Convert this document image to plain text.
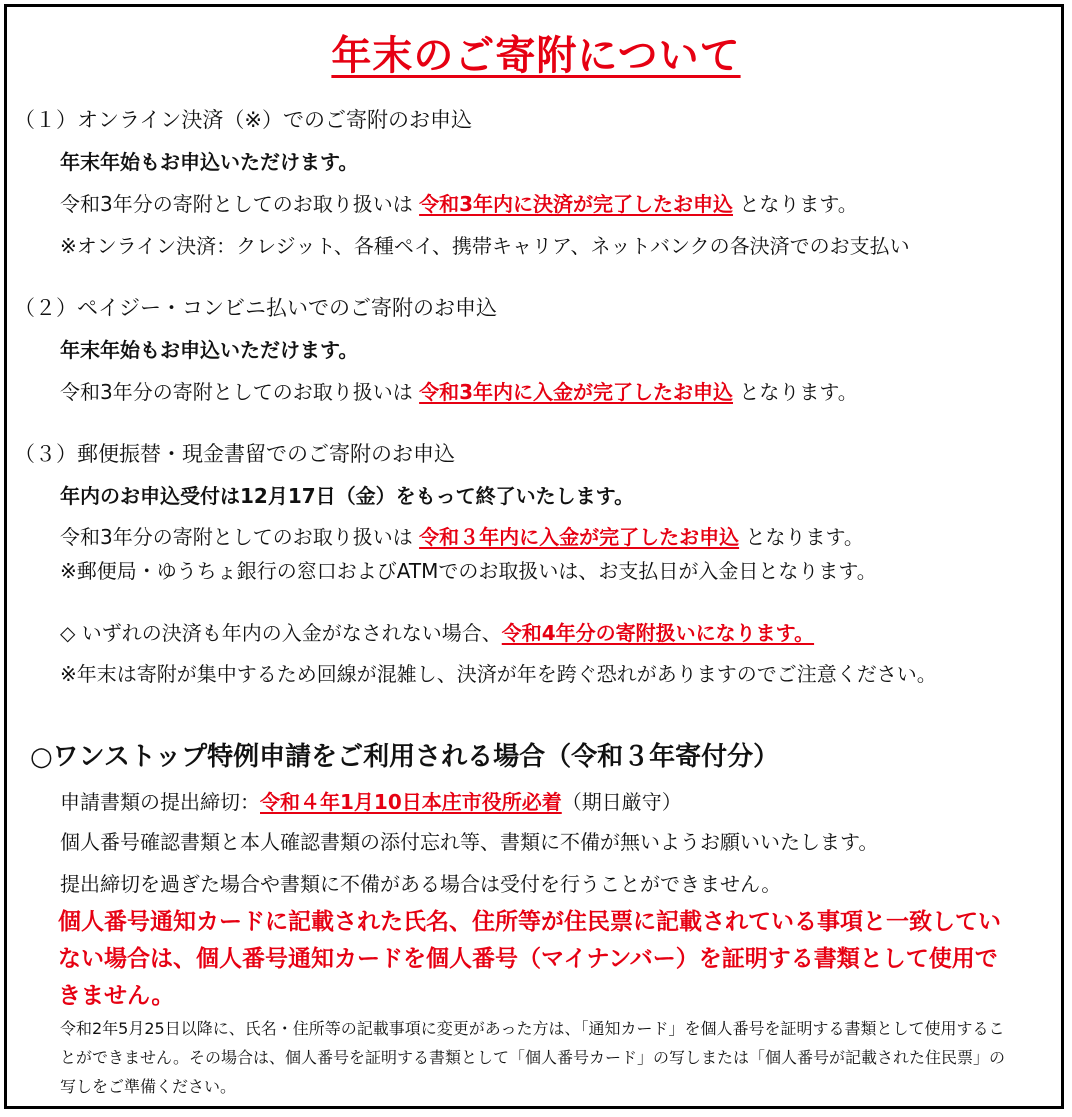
年末のご寄附について
（１）オンライン決済（※）でのご寄附のお申込
年末年始もお申込いただけます。
令和3年分の寄附としてのお取り扱いは 令和3年内に決済が完了したお申込 となります。
※オンライン決済：クレジット、各種ペイ、携帯キャリア、ネットバンクの各決済でのお支払い
（２）ペイジー・コンビニ払いでのご寄附のお申込
年末年始もお申込いただけます。
令和3年分の寄附としてのお取り扱いは 令和3年内に入金が完了したお申込 となります。
（３）郵便振替・現金書留でのご寄附のお申込
年内のお申込受付は12月17日（金）をもって終了いたします。
令和3年分の寄附としてのお取り扱いは 令和３年内に入金が完了したお申込 となります。
※郵便局・ゆうちょ銀行の窓口およびATMでのお取扱いは、お支払日が入金日となります。
◇ いずれの決済も年内の入金がなされない場合、令和4年分の寄附扱いになります。
※年末は寄附が集中するため回線が混雑し、決済が年を跨ぐ恐れがありますのでご注意ください。
○ワンストップ特例申請をご利用される場合（令和３年寄付分）
申請書類の提出締切：令和４年1月10日本庄市役所必着（期日厳守）
個人番号確認書類と本人確認書類の添付忘れ等、書類に不備が無いようお願いいたします。
提出締切を過ぎた場合や書類に不備がある場合は受付を行うことができません。
個人番号通知カードに記載された氏名、住所等が住民票に記載されている事項と一致していない場合は、個人番号通知カードを個人番号（マイナンバー）を証明する書類として使用できません。
令和2年5月25日以降に、氏名・住所等の記載事項に変更があった方は、「通知カード」を個人番号を証明する書類として使用することができません。その場合は、個人番号を証明する書類として「個人番号カード」の写しまたは「個人番号が記載された住民票」の写しをご準備ください。
